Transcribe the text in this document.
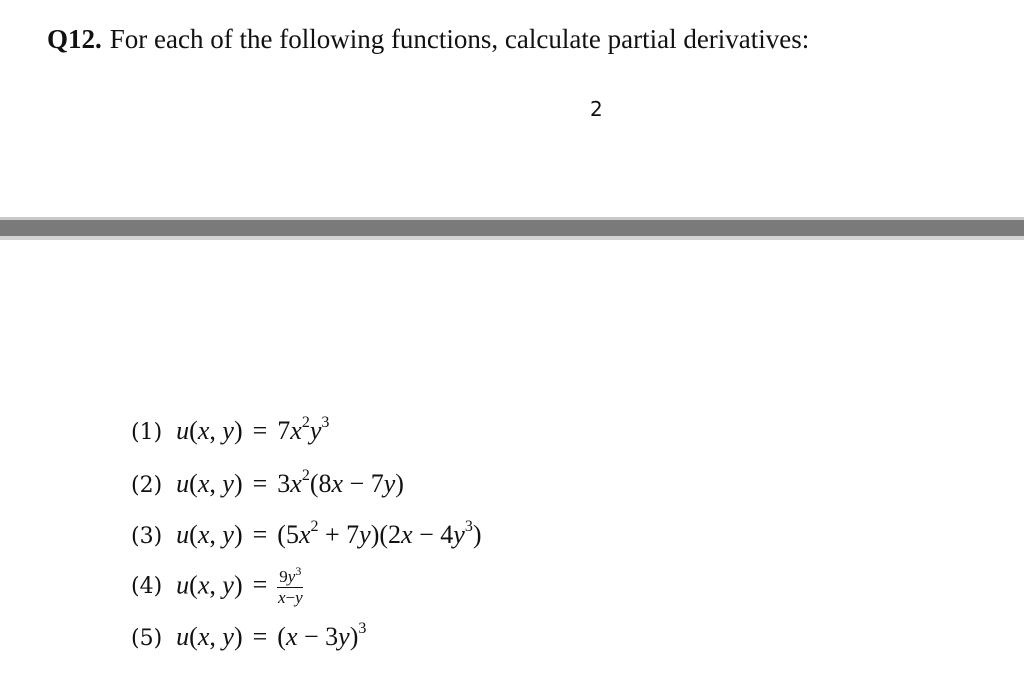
Q12. For each of the following functions, calculate partial derivatives:
2
(1) u(x, $y) = 7x^2y^3$
(2) u(x, $y) = 3x^2(8x - 7y)$
(3) u(x, $y) = (5x^2 + 7y)(2x - 4y^3)$
(4) u(x, $y) = \frac{9y^3}{x-y}$
(5) u(x, $y) = (x - 3y)^3$
